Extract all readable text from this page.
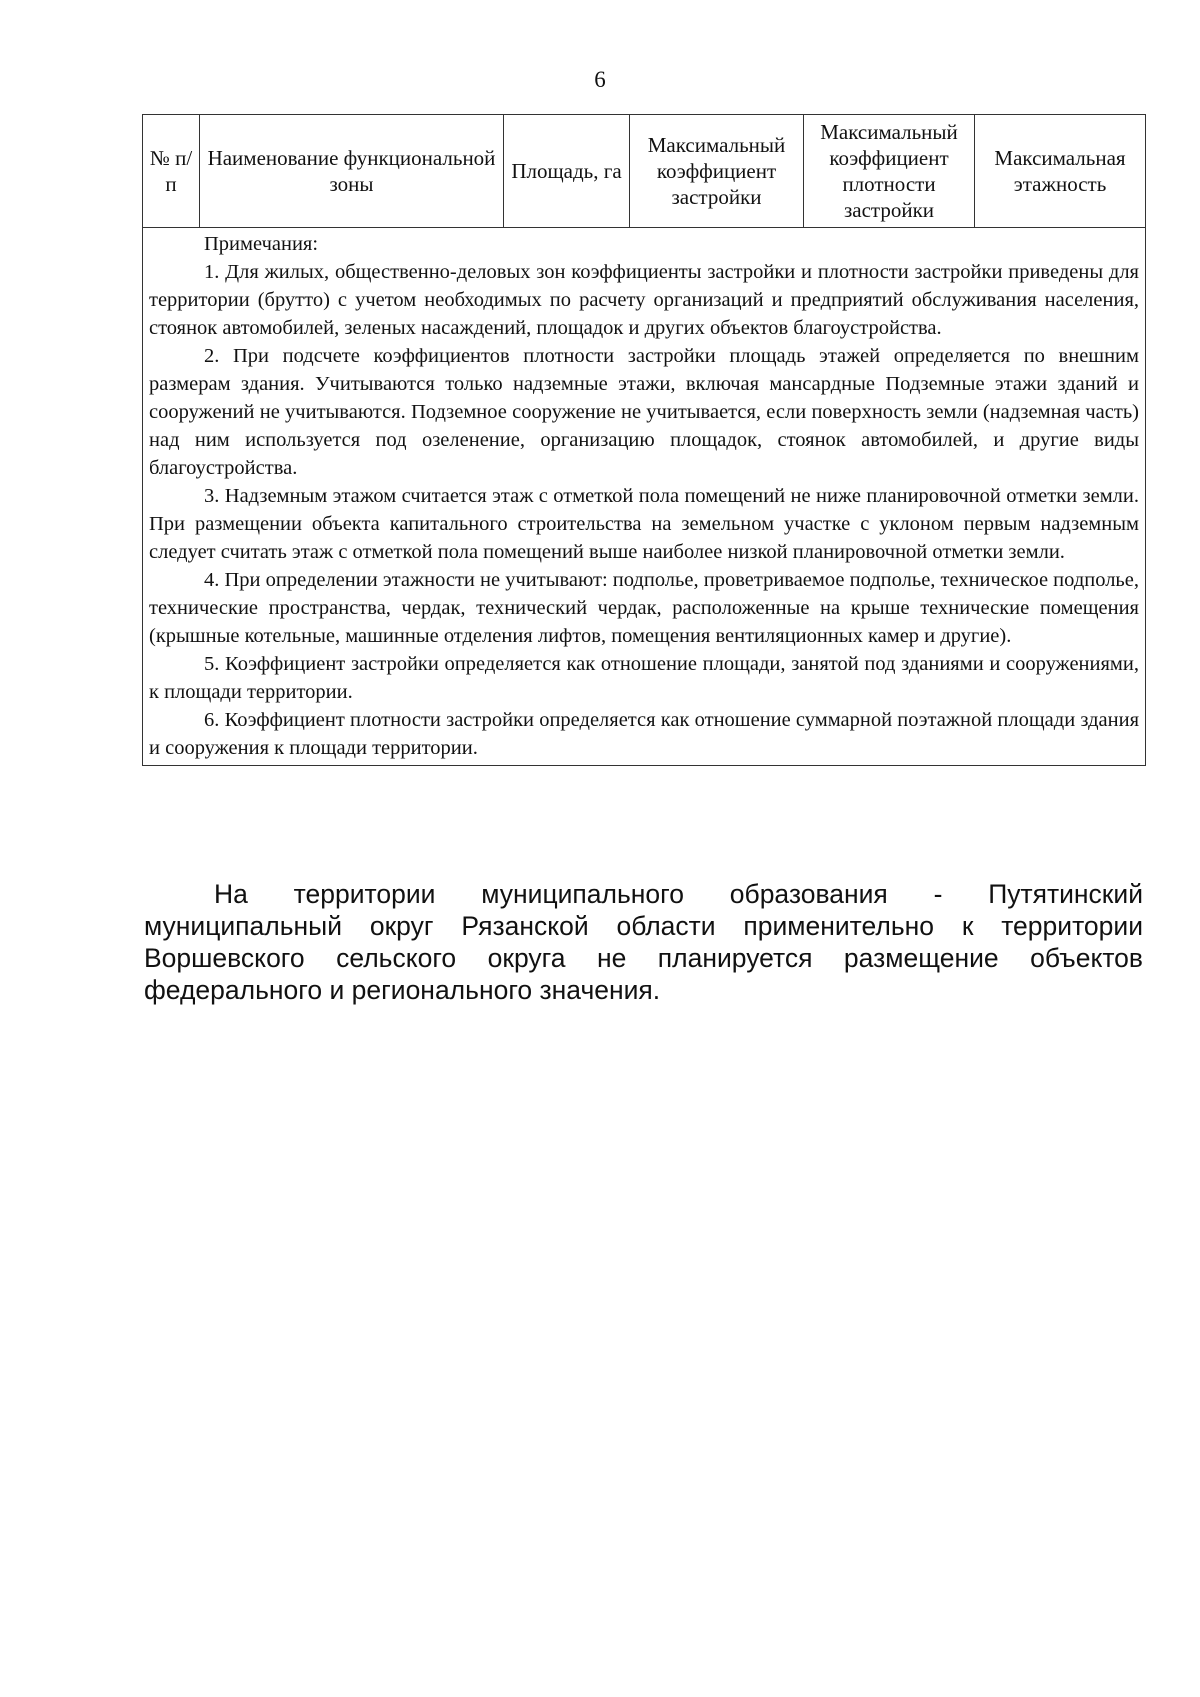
6
№ п/п	Наименование функциональной зоны	Площадь, га	Максимальный коэффициент застройки	Максимальный коэффициент плотности застройки	Максимальная этажность

Примечания:
1. Для жилых, общественно-деловых зон коэффициенты застройки и плотности застройки приведены для территории (брутто) с учетом необходимых по расчету организаций и предприятий обслуживания населения, стоянок автомобилей, зеленых насаждений, площадок и других объектов благоустройства.
2. При подсчете коэффициентов плотности застройки площадь этажей определяется по внешним размерам здания. Учитываются только надземные этажи, включая мансардные Подземные этажи зданий и сооружений не учитываются. Подземное сооружение не учитывается, если поверхность земли (надземная часть) над ним используется под озеленение, организацию площадок, стоянок автомобилей, и другие виды благоустройства.
3. Надземным этажом считается этаж с отметкой пола помещений не ниже планировочной отметки земли. При размещении объекта капитального строительства на земельном участке с уклоном первым надземным следует считать этаж с отметкой пола помещений выше наиболее низкой планировочной отметки земли.
4. При определении этажности не учитывают: подполье, проветриваемое подполье, техническое подполье, технические пространства, чердак, технический чердак, расположенные на крыше технические помещения (крышные котельные, машинные отделения лифтов, помещения вентиляционных камер и другие).
5. Коэффициент застройки определяется как отношение площади, занятой под зданиями и сооружениями, к площади территории.
6. Коэффициент плотности застройки определяется как отношение суммарной поэтажной площади здания и сооружения к площади территории.

На территории муниципального образования - Путятинский муниципальный округ Рязанской области применительно к территории Воршевского сельского округа не планируется размещение объектов федерального и регионального значения.
